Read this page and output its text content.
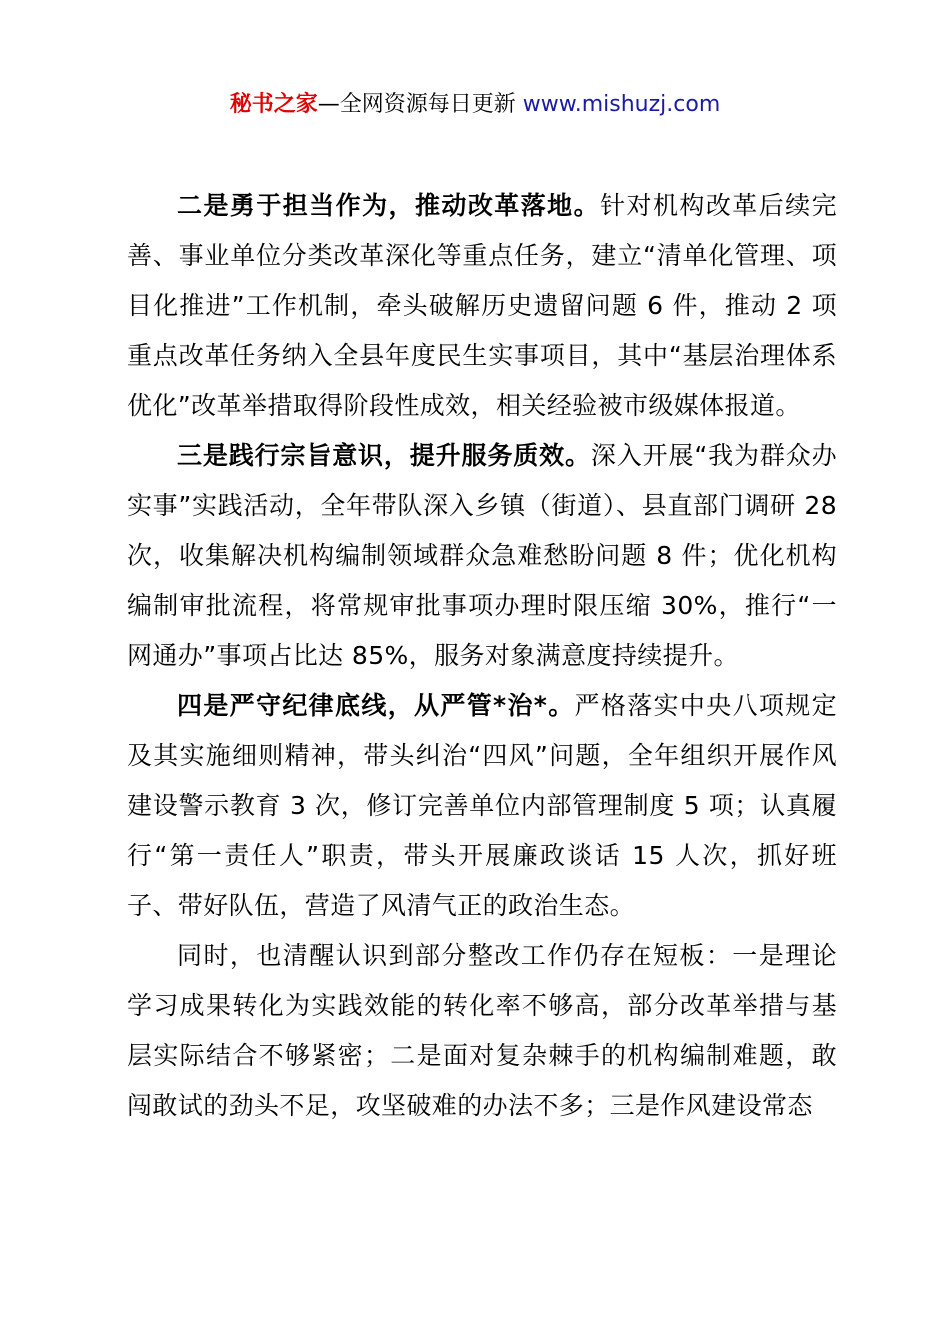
秘书之家—全网资源每日更新 www.mishuzj.com

二是勇于担当作为，推动改革落地。针对机构改革后续完善、事业单位分类改革深化等重点任务，建立“清单化管理、项目化推进”工作机制，牵头破解历史遗留问题 6 件，推动 2 项重点改革任务纳入全县年度民生实事项目，其中“基层治理体系优化”改革举措取得阶段性成效，相关经验被市级媒体报道。

三是践行宗旨意识，提升服务质效。深入开展“我为群众办实事”实践活动，全年带队深入乡镇（街道）、县直部门调研 28 次，收集解决机构编制领域群众急难愁盼问题 8 件；优化机构编制审批流程，将常规审批事项办理时限压缩 30%，推行“一网通办”事项占比达 85%，服务对象满意度持续提升。

四是严守纪律底线，从严管*治*。严格落实中央八项规定及其实施细则精神，带头纠治“四风”问题，全年组织开展作风建设警示教育 3 次，修订完善单位内部管理制度 5 项；认真履行“第一责任人”职责，带头开展廉政谈话 15 人次，抓好班子、带好队伍，营造了风清气正的政治生态。

同时，也清醒认识到部分整改工作仍存在短板：一是理论学习成果转化为实践效能的转化率不够高，部分改革举措与基层实际结合不够紧密；二是面对复杂棘手的机构编制难题，敢闯敢试的劲头不足，攻坚破难的办法不多；三是作风建设常态
